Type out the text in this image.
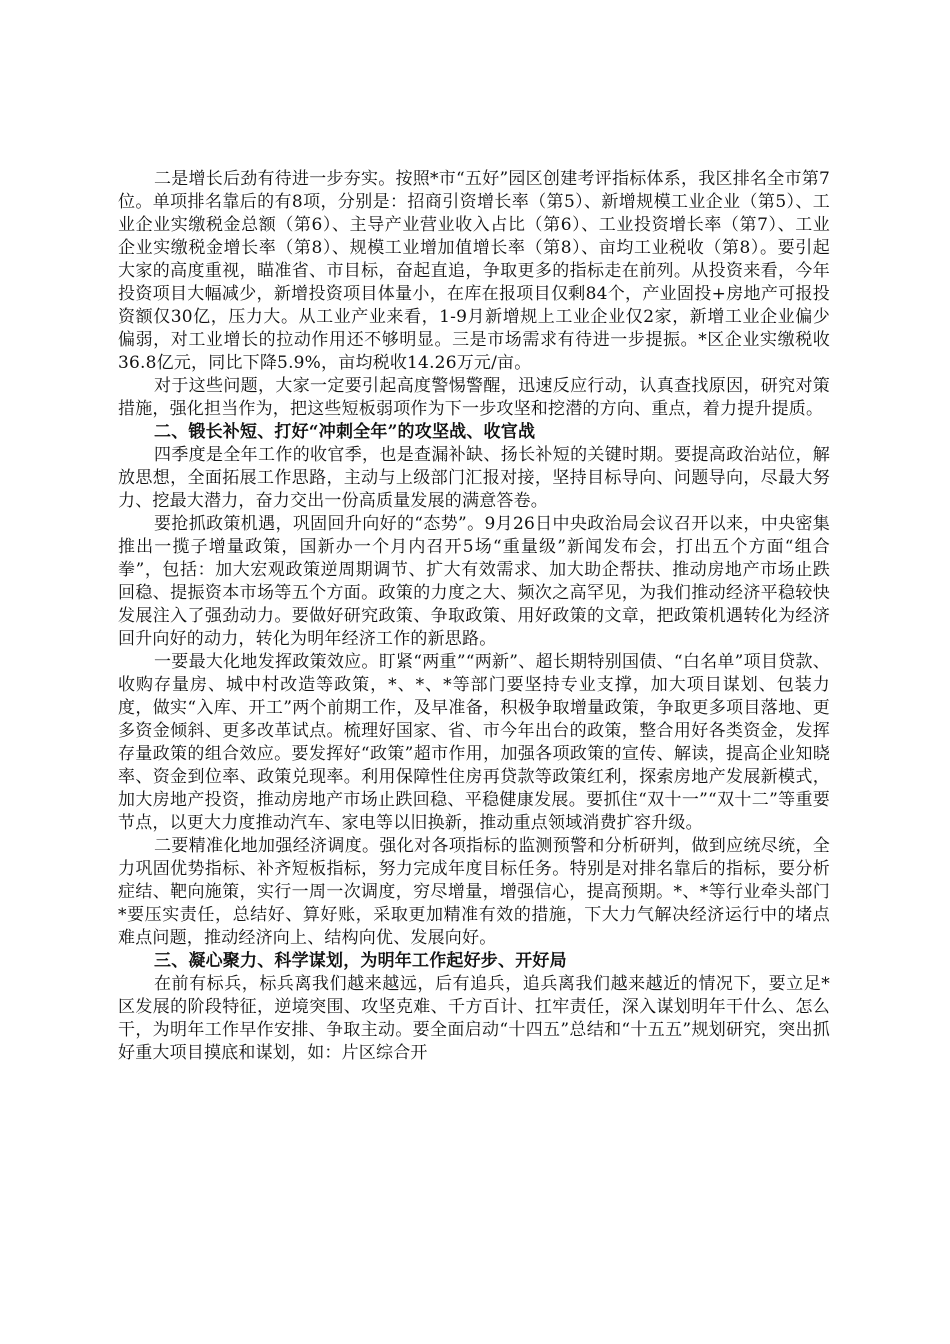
二是增长后劲有待进一步夯实。按照*市“五好”园区创建考评指标体系，我区排名全市第7位。单项排名靠后的有8项，分别是：招商引资增长率（第5）、新增规模工业企业（第5）、工业企业实缴税金总额（第6）、主导产业营业收入占比（第6）、工业投资增长率（第7）、工业企业实缴税金增长率（第8）、规模工业增加值增长率（第8）、亩均工业税收（第8）。要引起大家的高度重视，瞄准省、市目标，奋起直追，争取更多的指标走在前列。从投资来看，今年投资项目大幅减少，新增投资项目体量小，在库在报项目仅剩84个，产业固投+房地产可报投资额仅30亿，压力大。从工业产业来看，1-9月新增规上工业企业仅2家，新增工业企业偏少偏弱，对工业增长的拉动作用还不够明显。三是市场需求有待进一步提振。*区企业实缴税收36.8亿元，同比下降5.9%，亩均税收14.26万元/亩。

对于这些问题，大家一定要引起高度警惕警醒，迅速反应行动，认真查找原因，研究对策措施，强化担当作为，把这些短板弱项作为下一步攻坚和挖潜的方向、重点，着力提升提质。

二、锻长补短、打好“冲刺全年”的攻坚战、收官战

四季度是全年工作的收官季，也是查漏补缺、扬长补短的关键时期。要提高政治站位，解放思想，全面拓展工作思路，主动与上级部门汇报对接，坚持目标导向、问题导向，尽最大努力、挖最大潜力，奋力交出一份高质量发展的满意答卷。

要抢抓政策机遇，巩固回升向好的“态势”。9月26日中央政治局会议召开以来，中央密集推出一揽子增量政策，国新办一个月内召开5场“重量级”新闻发布会，打出五个方面“组合拳”，包括：加大宏观政策逆周期调节、扩大有效需求、加大助企帮扶、推动房地产市场止跌回稳、提振资本市场等五个方面。政策的力度之大、频次之高罕见，为我们推动经济平稳较快发展注入了强劲动力。要做好研究政策、争取政策、用好政策的文章，把政策机遇转化为经济回升向好的动力，转化为明年经济工作的新思路。

一要最大化地发挥政策效应。盯紧“两重”“两新”、超长期特别国债、“白名单”项目贷款、收购存量房、城中村改造等政策，*、*、*等部门要坚持专业支撑，加大项目谋划、包装力度，做实“入库、开工”两个前期工作，及早准备，积极争取增量政策，争取更多项目落地、更多资金倾斜、更多改革试点。梳理好国家、省、市今年出台的政策，整合用好各类资金，发挥存量政策的组合效应。要发挥好“政策”超市作用，加强各项政策的宣传、解读，提高企业知晓率、资金到位率、政策兑现率。利用保障性住房再贷款等政策红利，探索房地产发展新模式，加大房地产投资，推动房地产市场止跌回稳、平稳健康发展。要抓住“双十一”“双十二”等重要节点，以更大力度推动汽车、家电等以旧换新，推动重点领域消费扩容升级。

二要精准化地加强经济调度。强化对各项指标的监测预警和分析研判，做到应统尽统，全力巩固优势指标、补齐短板指标，努力完成年度目标任务。特别是对排名靠后的指标，要分析症结、靶向施策，实行一周一次调度，穷尽增量，增强信心，提高预期。*、*等行业牵头部门*要压实责任，总结好、算好账，采取更加精准有效的措施，下大力气解决经济运行中的堵点难点问题，推动经济向上、结构向优、发展向好。

三、凝心聚力、科学谋划，为明年工作起好步、开好局

在前有标兵，标兵离我们越来越远，后有追兵，追兵离我们越来越近的情况下，要立足*区发展的阶段特征，逆境突围、攻坚克难、千方百计、扛牢责任，深入谋划明年干什么、怎么干，为明年工作早作安排、争取主动。要全面启动“十四五”总结和“十五五”规划研究，突出抓好重大项目摸底和谋划，如：片区综合开
